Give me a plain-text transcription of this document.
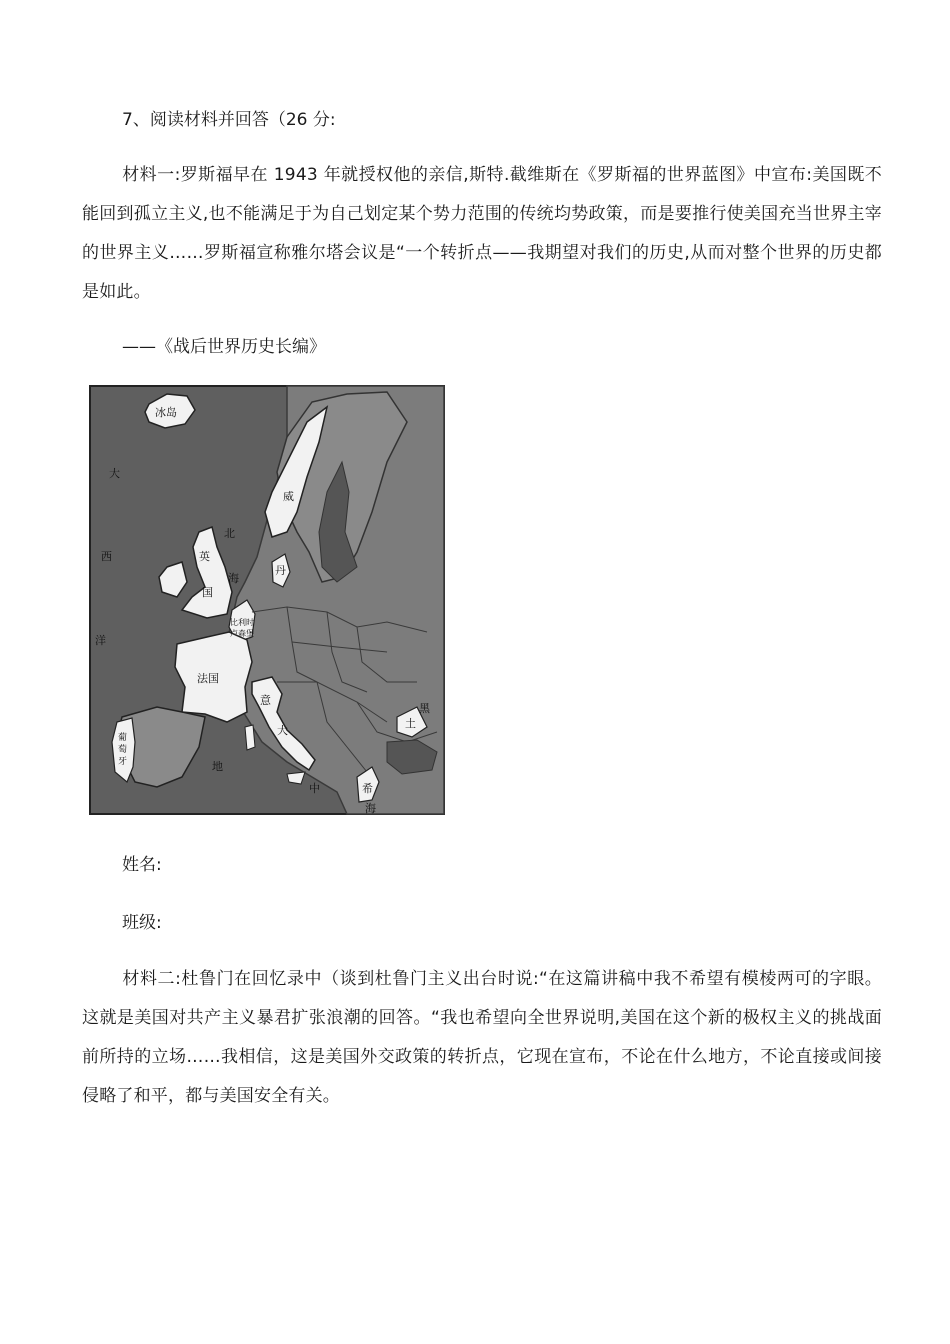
7、阅读材料并回答（26 分:
材料一:罗斯福早在 1943 年就授权他的亲信,斯特.截维斯在《罗斯福的世界蓝图》中宣布:美国既不能回到孤立主义,也不能满足于为自己划定某个势力范围的传统均势政策，而是要推行使美国充当世界主宰的世界主义……罗斯福宣称雅尔塔会议是“一个转折点——我期望对我们的历史,从而对整个世界的历史都是如此。
——《战后世界历史长编》
冰岛
大
西
洋
北
海
丹
英
国
威
比利时
卢森堡
法国
葡
萄
牙
意
大
地
中
海
希
土
黑
姓名:
班级:
材料二:杜鲁门在回忆录中（谈到杜鲁门主义出台时说:“在这篇讲稿中我不希望有模棱两可的字眼。这就是美国对共产主义暴君扩张浪潮的回答。“我也希望向全世界说明,美国在这个新的极权主义的挑战面前所持的立场……我相信，这是美国外交政策的转折点，它现在宣布，不论在什么地方，不论直接或间接侵略了和平，都与美国安全有关。
